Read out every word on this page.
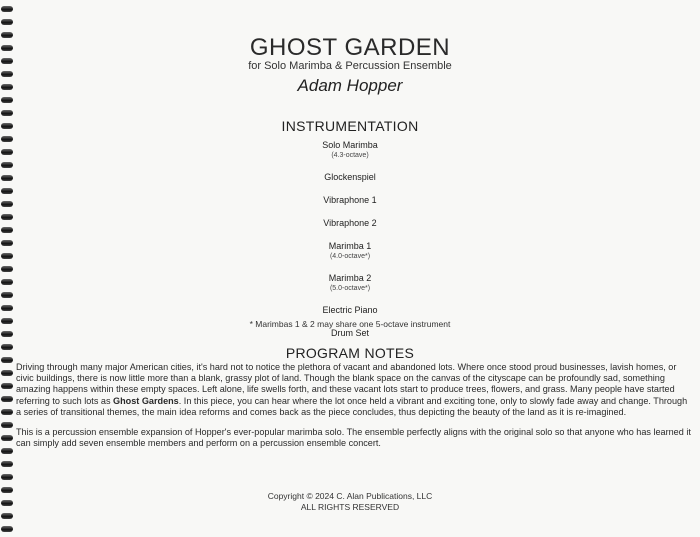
GHOST GARDEN
for Solo Marimba & Percussion Ensemble
Adam Hopper
INSTRUMENTATION
Solo Marimba
(4.3-octave)
Glockenspiel
Vibraphone 1
Vibraphone 2
Marimba 1
(4.0-octave*)
Marimba 2
(5.0-octave*)
Electric Piano
Drum Set
* Marimbas 1 & 2 may share one 5-octave instrument
PROGRAM NOTES

Driving through many major American cities, it's hard not to notice the plethora of vacant and abandoned lots. Where once stood proud businesses, lavish homes, or civic buildings, there is now little more than a blank, grassy plot of land. Though the blank space on the canvas of the cityscape can be profoundly sad, something amazing happens within these empty spaces. Left alone, life swells forth, and these vacant lots start to produce trees, flowers, and grass. Many people have started referring to such lots as Ghost Gardens. In this piece, you can hear where the lot once held a vibrant and exciting tone, only to slowly fade away and change. Through a series of transitional themes, the main idea reforms and comes back as the piece concludes, thus depicting the beauty of the land as it is re-imagined.

This is a percussion ensemble expansion of Hopper's ever-popular marimba solo. The ensemble perfectly aligns with the original solo so that anyone who has learned it can simply add seven ensemble members and perform on a percussion ensemble concert.

Copyright © 2024 C. Alan Publications, LLC
ALL RIGHTS RESERVED
